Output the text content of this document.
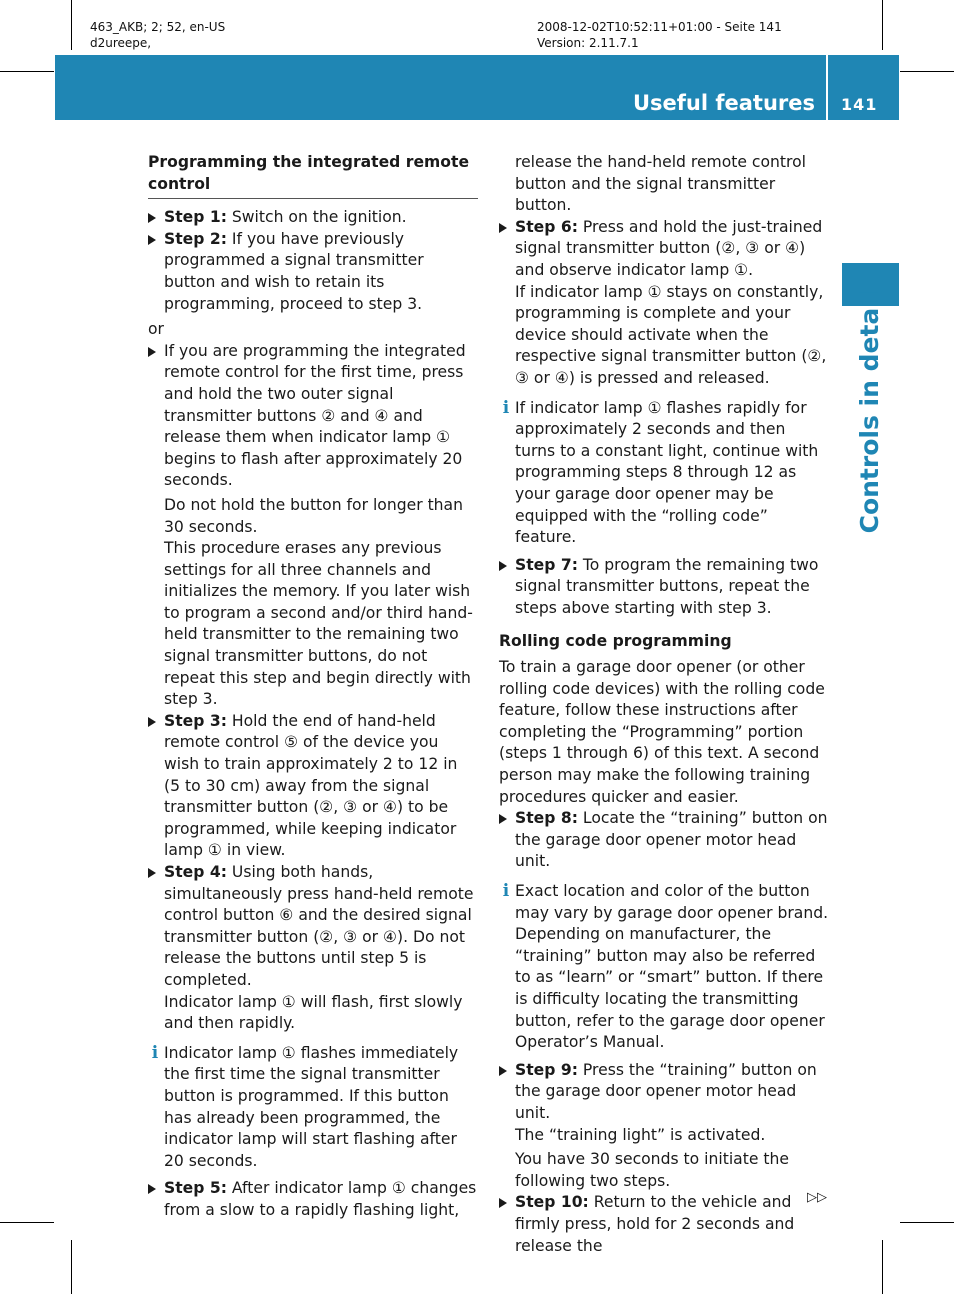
463_AKB; 2; 52, en-US
d2ureepe,
2008-12-02T10:52:11+01:00 - Seite 141
Version: 2.11.7.1
Useful features 141
Controls in detail

Programming the integrated remote control

Step 1: Switch on the ignition.

Step 2: If you have previously programmed a signal transmitter button and wish to retain its programming, proceed to step 3.

or

If you are programming the integrated remote control for the first time, press and hold the two outer signal transmitter buttons ② and ④ and release them when indicator lamp ① begins to flash after approximately 20 seconds.

Do not hold the button for longer than 30 seconds.

This procedure erases any previous settings for all three channels and initializes the memory. If you later wish to program a second and/or third hand-held transmitter to the remaining two signal transmitter buttons, do not repeat this step and begin directly with step 3.

Step 3: Hold the end of hand-held remote control ⑤ of the device you wish to train approximately 2 to 12 in (5 to 30 cm) away from the signal transmitter button (②, ③ or ④) to be programmed, while keeping indicator lamp ① in view.

Step 4: Using both hands, simultaneously press hand-held remote control button ⑥ and the desired signal transmitter button (②, ③ or ④). Do not release the buttons until step 5 is completed.

Indicator lamp ① will flash, first slowly and then rapidly.

i Indicator lamp ① flashes immediately the first time the signal transmitter button is programmed. If this button has already been programmed, the indicator lamp will start flashing after 20 seconds.

Step 5: After indicator lamp ① changes from a slow to a rapidly flashing light,

release the hand-held remote control button and the signal transmitter button.

Step 6: Press and hold the just-trained signal transmitter button (②, ③ or ④) and observe indicator lamp ①.

If indicator lamp ① stays on constantly, programming is complete and your device should activate when the respective signal transmitter button (②, ③ or ④) is pressed and released.

i If indicator lamp ① flashes rapidly for approximately 2 seconds and then turns to a constant light, continue with programming steps 8 through 12 as your garage door opener may be equipped with the “rolling code” feature.

Step 7: To program the remaining two signal transmitter buttons, repeat the steps above starting with step 3.

Rolling code programming

To train a garage door opener (or other rolling code devices) with the rolling code feature, follow these instructions after completing the “Programming” portion (steps 1 through 6) of this text. A second person may make the following training procedures quicker and easier.

Step 8: Locate the “training” button on the garage door opener motor head unit.

i Exact location and color of the button may vary by garage door opener brand. Depending on manufacturer, the “training” button may also be referred to as “learn” or “smart” button. If there is difficulty locating the transmitting button, refer to the garage door opener Operator’s Manual.

Step 9: Press the “training” button on the garage door opener motor head unit.

The “training light” is activated.

You have 30 seconds to initiate the following two steps.

Step 10: Return to the vehicle and firmly press, hold for 2 seconds and release the

▷▷
